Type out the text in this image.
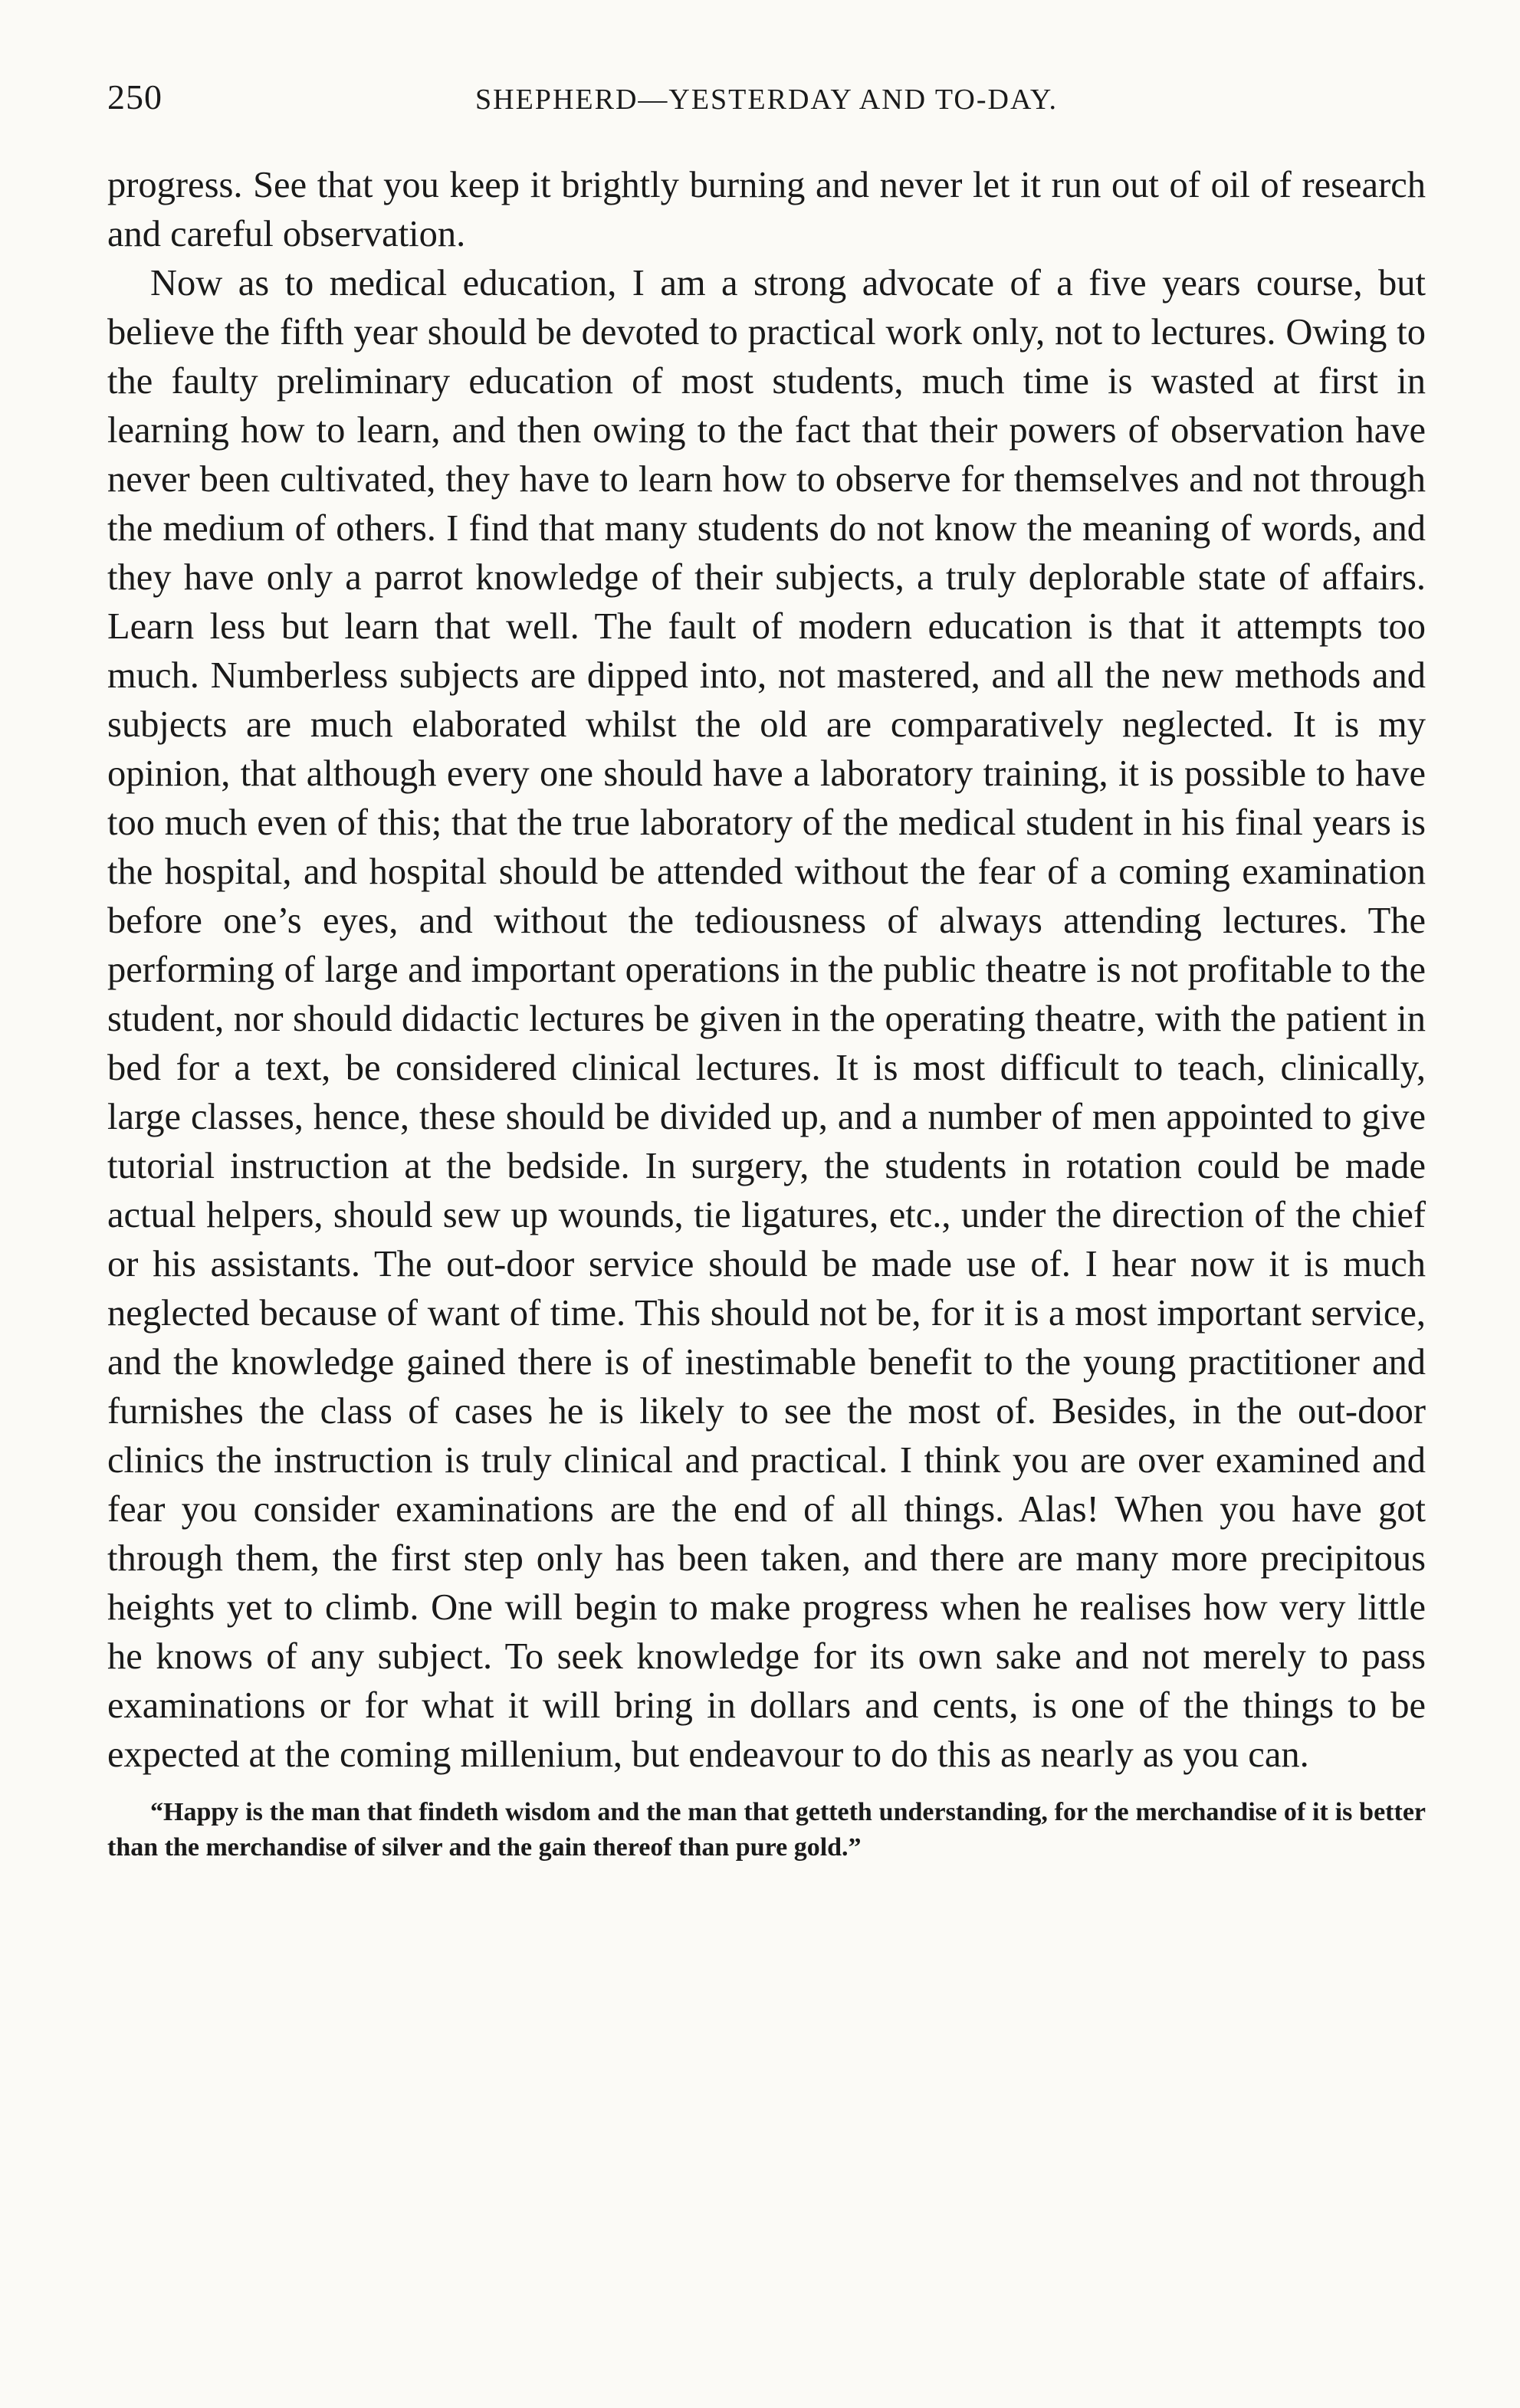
250	SHEPHERD—YESTERDAY AND TO-DAY.

progress. See that you keep it brightly burning and never let it run out of oil of research and careful observation.

Now as to medical education, I am a strong advocate of a five years course, but believe the fifth year should be devoted to practical work only, not to lectures. Owing to the faulty preliminary education of most students, much time is wasted at first in learning how to learn, and then owing to the fact that their powers of observation have never been cultivated, they have to learn how to observe for themselves and not through the medium of others. I find that many students do not know the meaning of words, and they have only a parrot knowledge of their subjects, a truly deplorable state of affairs. Learn less but learn that well. The fault of modern education is that it attempts too much. Numberless subjects are dipped into, not mastered, and all the new methods and subjects are much elaborated whilst the old are comparatively neglected. It is my opinion, that although every one should have a laboratory training, it is possible to have too much even of this; that the true laboratory of the medical student in his final years is the hospital, and hospital should be attended without the fear of a coming examination before one’s eyes, and without the tediousness of always attending lectures. The performing of large and important operations in the public theatre is not profitable to the student, nor should didactic lectures be given in the operating theatre, with the patient in bed for a text, be considered clinical lectures. It is most difficult to teach, clinically, large classes, hence, these should be divided up, and a number of men appointed to give tutorial instruction at the bedside. In surgery, the students in rotation could be made actual helpers, should sew up wounds, tie ligatures, etc., under the direction of the chief or his assistants. The out-door service should be made use of. I hear now it is much neglected because of want of time. This should not be, for it is a most important service, and the knowledge gained there is of inestimable benefit to the young practitioner and furnishes the class of cases he is likely to see the most of. Besides, in the out-door clinics the instruction is truly clinical and practical. I think you are over examined and fear you consider examinations are the end of all things. Alas! When you have got through them, the first step only has been taken, and there are many more precipitous heights yet to climb. One will begin to make progress when he realises how very little he knows of any subject. To seek knowledge for its own sake and not merely to pass examinations or for what it will bring in dollars and cents, is one of the things to be expected at the coming millenium, but endeavour to do this as nearly as you can.

“Happy is the man that findeth wisdom and the man that getteth understanding, for the merchandise of it is better than the merchandise of silver and the gain thereof than pure gold.”
